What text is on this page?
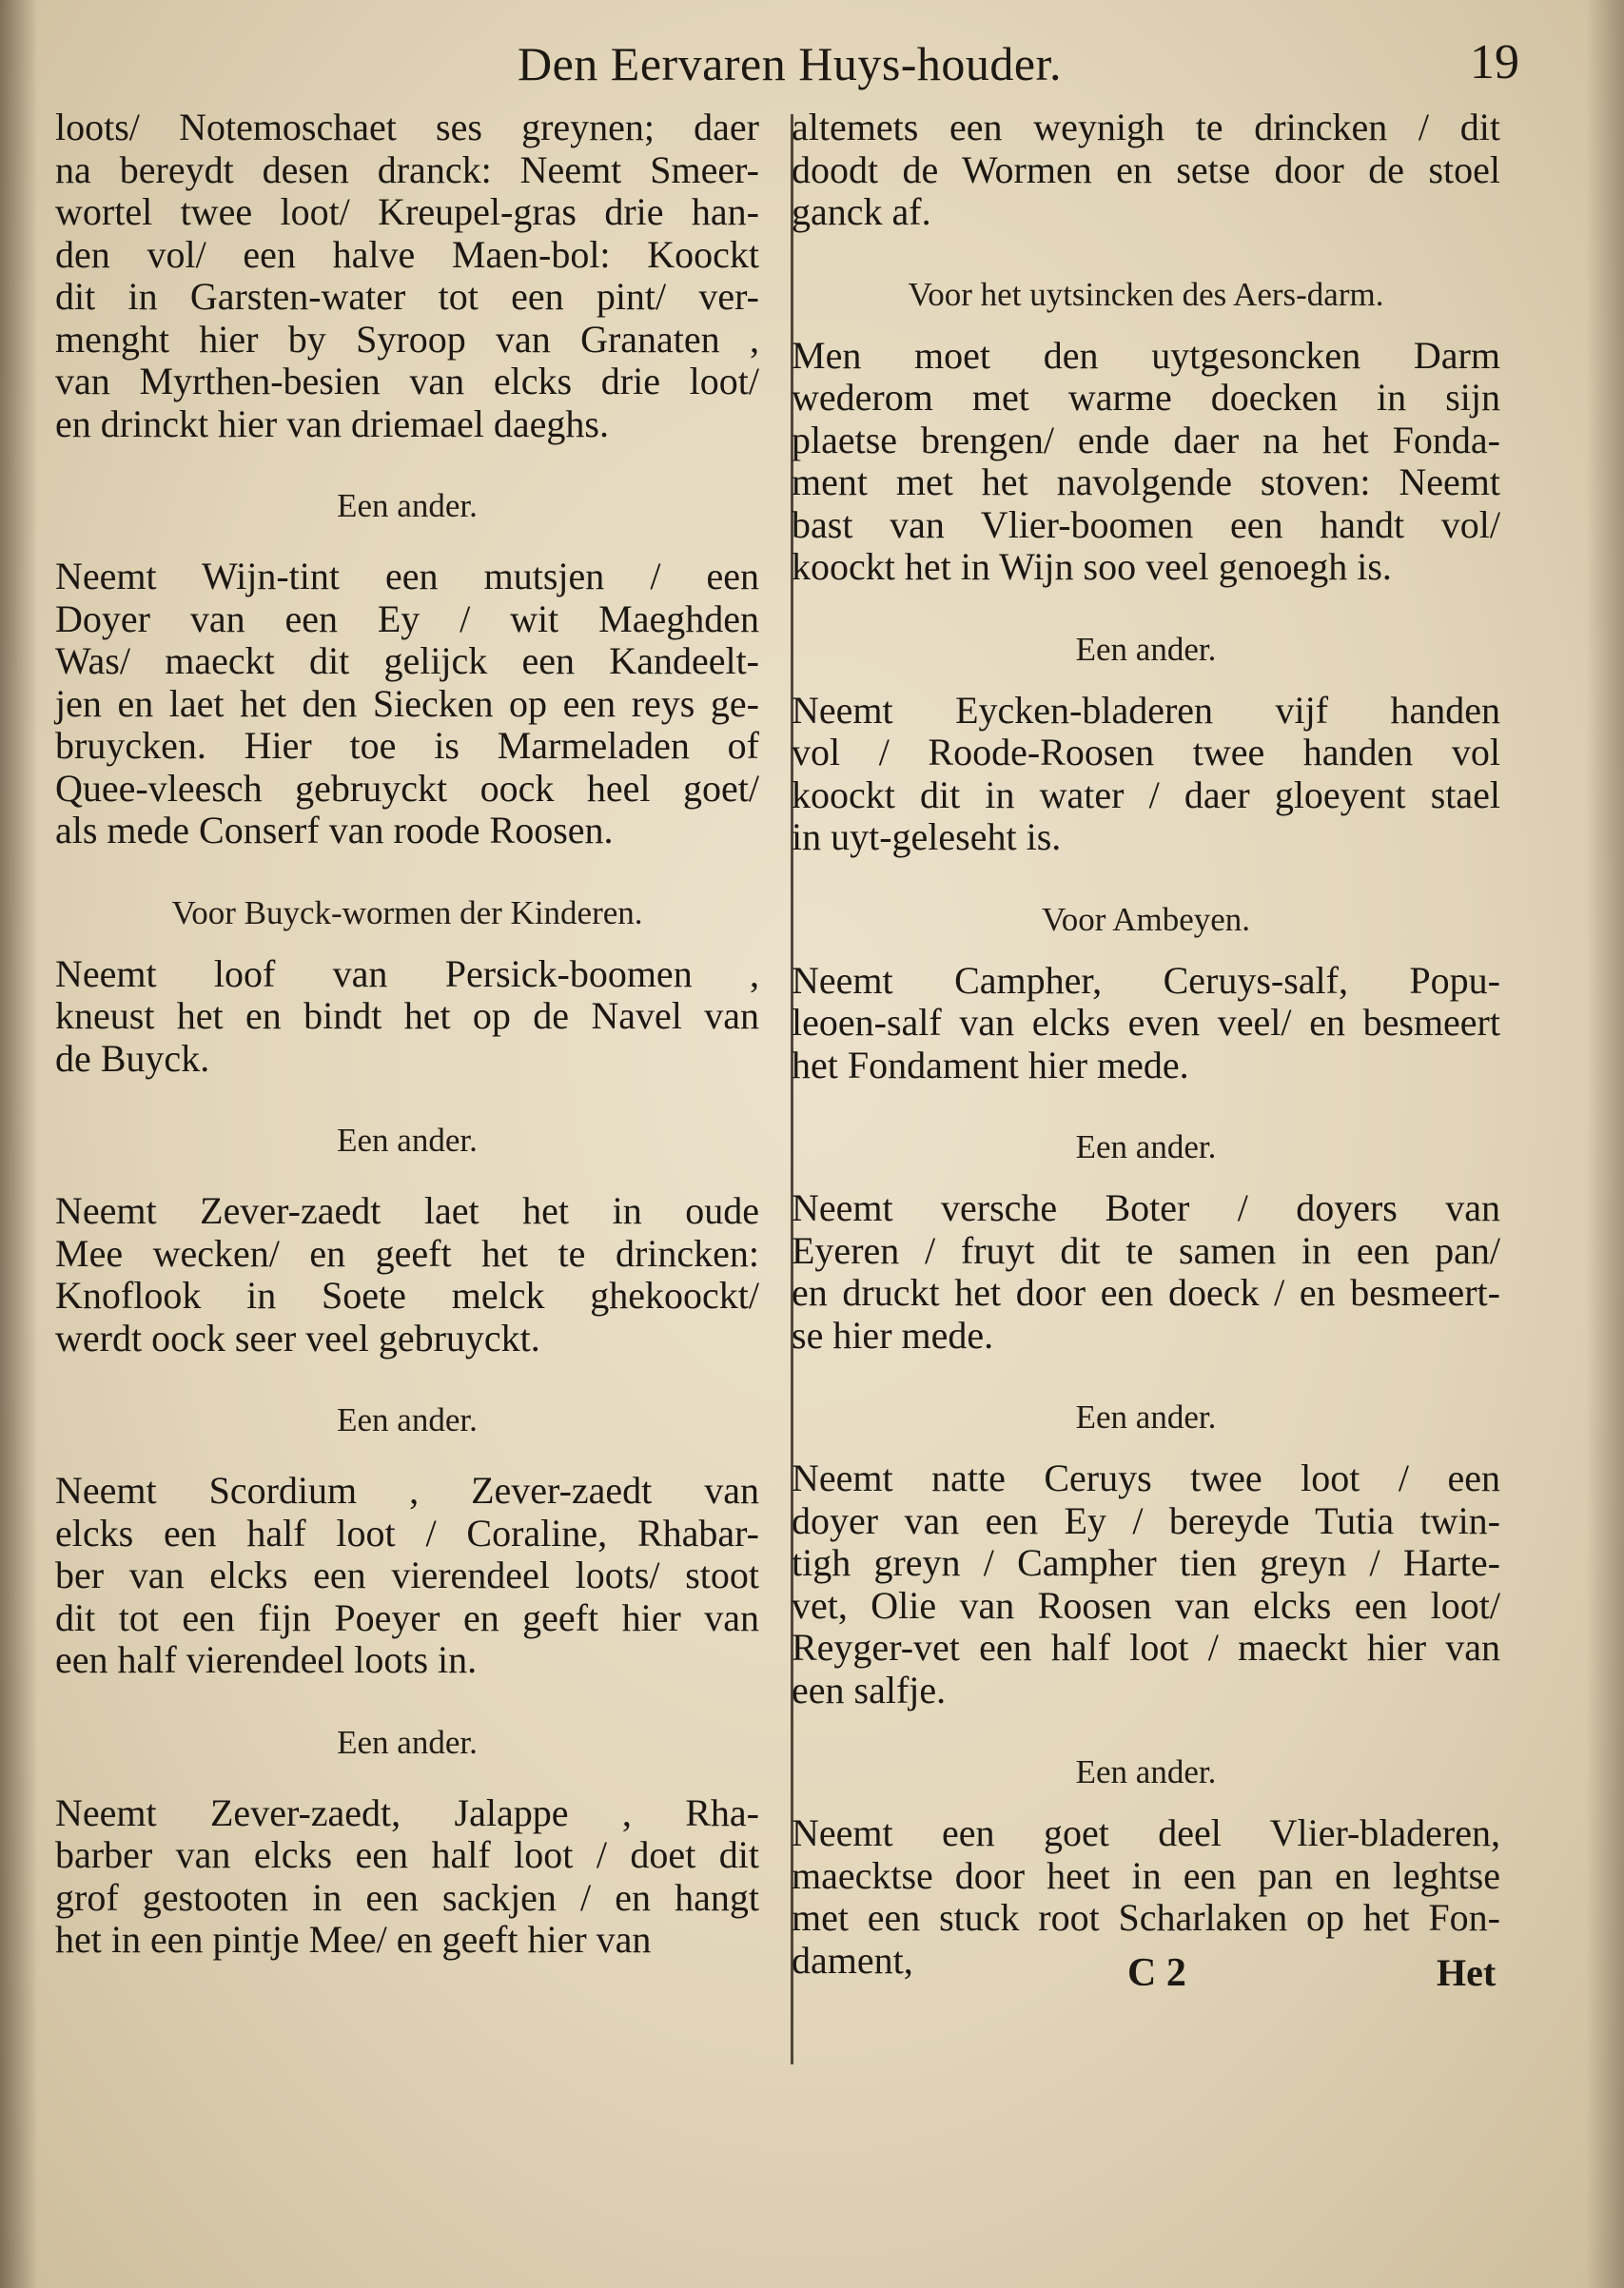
Den Eervaren Huys-houder.	19
loots/ Notemoschaet ses greynen; daer
na bereydt desen dranck: Neemt Smeer-
wortel twee loot/ Kreupel-gras drie han-
den vol/ een halve Maen-bol: Koockt
dit in Garsten-water tot een pint/ ver-
menght hier by Syroop van Granaten ,
van Myrthen-besien van elcks drie loot/
en drinckt hier van driemael daeghs.
Een ander.
Neemt Wijn-tint een mutsjen / een
Doyer van een Ey / wit Maeghden
Was/ maeckt dit gelijck een Kandeelt-
jen en laet het den Siecken op een reys ge-
bruycken. Hier toe is Marmeladen of
Quee-vleesch gebruyckt oock heel goet/
als mede Conserf van roode Roosen.
Voor Buyck-wormen der Kinderen.
Neemt loof van Persick-boomen ,
kneust het en bindt het op de Navel van
de Buyck.
Een ander.
Neemt Zever-zaedt laet het in oude
Mee wecken/ en geeft het te drincken:
Knoflook in Soete melck ghekoockt/
werdt oock seer veel gebruyckt.
Een ander.
Neemt Scordium , Zever-zaedt van
elcks een half loot / Coraline, Rhabar-
ber van elcks een vierendeel loots/ stoot
dit tot een fijn Poeyer en geeft hier van
een half vierendeel loots in.
Een ander.
Neemt Zever-zaedt, Jalappe , Rha-
barber van elcks een half loot / doet dit
grof gestooten in een sackjen / en hangt
het in een pintje Mee/ en geeft hier van
altemets een weynigh te drincken / dit
doodt de Wormen en setse door de stoel
ganck af.
Voor het uytsincken des Aers-darm.
Men moet den uytgesoncken Darm
wederom met warme doecken in sijn
plaetse brengen/ ende daer na het Fonda-
ment met het navolgende stoven: Neemt
bast van Vlier-boomen een handt vol/
koockt het in Wijn soo veel genoegh is.
Een ander.
Neemt Eycken-bladeren vijf handen
vol / Roode-Roosen twee handen vol
koockt dit in water / daer gloeyent stael
in uyt-geleseht is.
Voor Ambeyen.
Neemt Campher, Ceruys-salf, Popu-
leoen-salf van elcks even veel/ en besmeert
het Fondament hier mede.
Een ander.
Neemt versche Boter / doyers van
Eyeren / fruyt dit te samen in een pan/
en druckt het door een doeck / en besmeert-
se hier mede.
Een ander.
Neemt natte Ceruys twee loot / een
doyer van een Ey / bereyde Tutia twin-
tigh greyn / Campher tien greyn / Harte-
vet, Olie van Roosen van elcks een loot/
Reyger-vet een half loot / maeckt hier van
een salfje.
Een ander.
Neemt een goet deel Vlier-bladeren,
maecktse door heet in een pan en leghtse
met een stuck root Scharlaken op het Fon-
dament,	C 2	Het
